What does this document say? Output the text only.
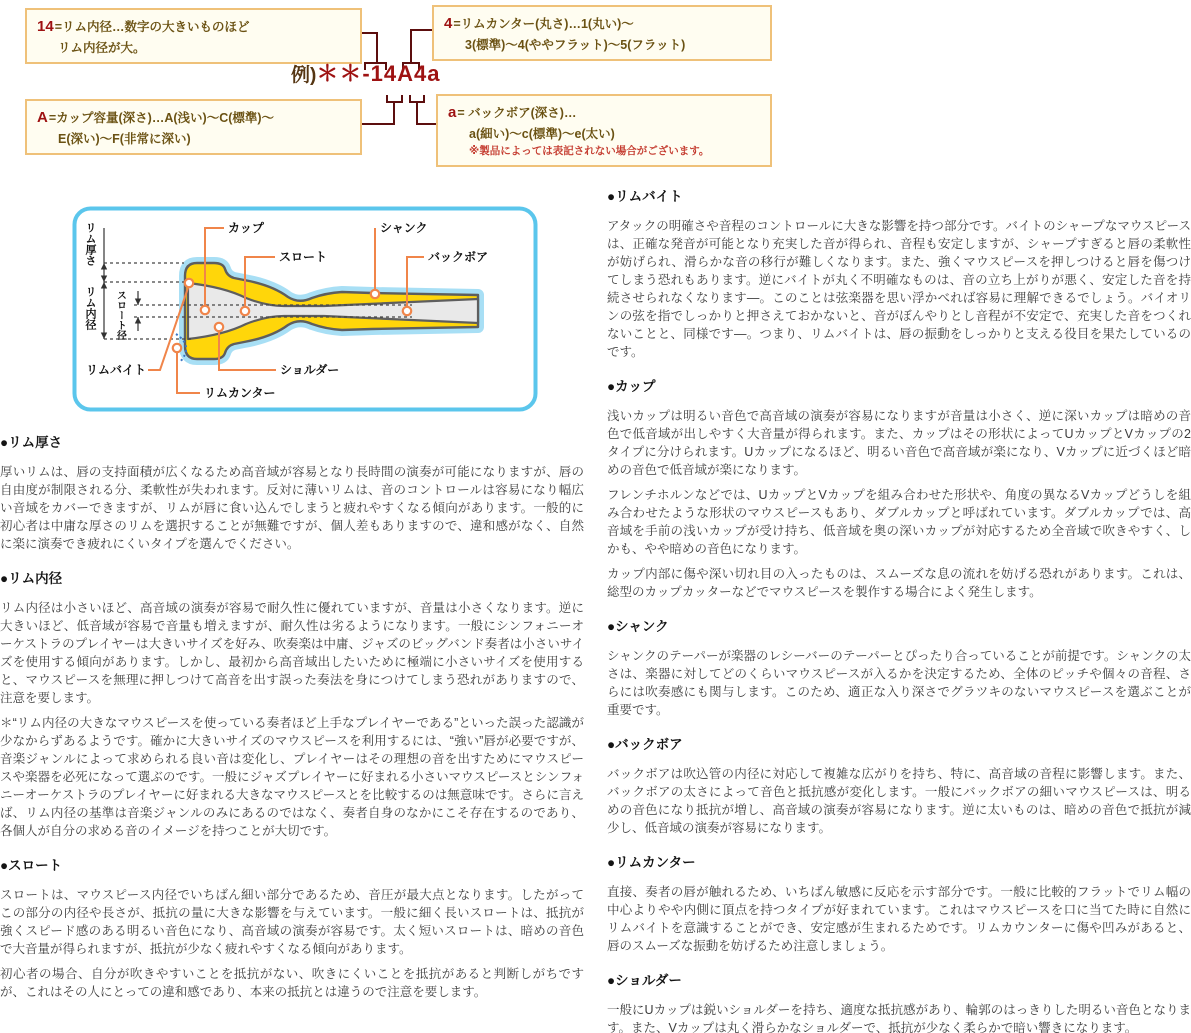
14=リム内径…数字の大きいものほど
リム内径が大。
4=リムカンター(丸さ)…1(丸い)～
3(標準)～4(ややフラット)～5(フラット)
A=カップ容量(深さ)…A(浅い)～C(標準)～
E(深い)～F(非常に深い)
a= バックボア(深さ)…
a(細い)～c(標準)～e(太い)
※製品によっては表記されない場合がございます。
例)＊＊-14A4a
カップ
スロート
シャンク
バックボア
リムバイト	ショルダー
リムカンター
リム厚さ
リム内径 スロート径
●リム厚さ

厚いリムは、唇の支持面積が広くなるため高音域が容易となり長時間の演奏が可能になりますが、唇の自由度が制限される分、柔軟性が失われます。反対に薄いリムは、音のコントロールは容易になり幅広い音域をカバーできますが、リムが唇に食い込んでしまうと疲れやすくなる傾向があります。一般的に初心者は中庸な厚さのリムを選択することが無難ですが、個人差もありますので、違和感がなく、自然に楽に演奏でき疲れにくいタイプを選んでください。

●リム内径

リム内径は小さいほど、高音域の演奏が容易で耐久性に優れていますが、音量は小さくなります。逆に大きいほど、低音域が容易で音量も増えますが、耐久性は劣るようになります。一般にシンフォニーオーケストラのプレイヤーは大きいサイズを好み、吹奏楽は中庸、ジャズのビッグバンド奏者は小さいサイズを使用する傾向があります。しかし、最初から高音域出したいために極端に小さいサイズを使用すると、マウスピースを無理に押しつけて高音を出す誤った奏法を身につけてしまう恐れがありますので、注意を要します。

＊“リム内径の大きなマウスピースを使っている奏者ほど上手なプレイヤーである”といった誤った認識が少なからずあるようです。確かに大きいサイズのマウスピースを利用するには、“強い”唇が必要ですが、音楽ジャンルによって求められる良い音は変化し、プレイヤーはその理想の音を出すためにマウスピースや楽器を必死になって選ぶのです。一般にジャズプレイヤーに好まれる小さいマウスピースとシンフォニーオーケストラのプレイヤーに好まれる大きなマウスピースとを比較するのは無意味です。さらに言えば、リム内径の基準は音楽ジャンルのみにあるのではなく、奏者自身のなかにこそ存在するのであり、各個人が自分の求める音のイメージを持つことが大切です。

●スロート

スロートは、マウスピース内径でいちばん細い部分であるため、音圧が最大点となります。したがってこの部分の内径や長さが、抵抗の量に大きな影響を与えています。一般に細く長いスロートは、抵抗が強くスピード感のある明るい音色になり、高音域の演奏が容易です。太く短いスロートは、暗めの音色で大音量が得られますが、抵抗が少なく疲れやすくなる傾向があります。

初心者の場合、自分が吹きやすいことを抵抗がない、吹きにくいことを抵抗があると判断しがちですが、これはその人にとっての違和感であり、本来の抵抗とは違うので注意を要します。

●リムバイト

アタックの明確さや音程のコントロールに大きな影響を持つ部分です。バイトのシャープなマウスピースは、正確な発音が可能となり充実した音が得られ、音程も安定しますが、シャープすぎると唇の柔軟性が妨げられ、滑らかな音の移行が難しくなります。また、強くマウスピースを押しつけると唇を傷つけてしまう恐れもあります。逆にバイトが丸く不明確なものは、音の立ち上がりが悪く、安定した音を持続させられなくなります―。このことは弦楽器を思い浮かべれば容易に理解できるでしょう。バイオリンの弦を指でしっかりと押さえておかないと、音がぼんやりとし音程が不安定で、充実した音をつくれないことと、同様です―。つまり、リムバイトは、唇の振動をしっかりと支える役目を果たしているのです。

●カップ

浅いカップは明るい音色で高音域の演奏が容易になりますが音量は小さく、逆に深いカップは暗めの音色で低音域が出しやすく大音量が得られます。また、カップはその形状によってUカップとVカップの2タイプに分けられます。Uカップになるほど、明るい音色で高音域が楽になり、Vカップに近づくほど暗めの音色で低音域が楽になります。

フレンチホルンなどでは、UカップとVカップを組み合わせた形状や、角度の異なるVカップどうしを組み合わせたような形状のマウスピースもあり、ダブルカップと呼ばれています。ダブルカップでは、高音域を手前の浅いカップが受け持ち、低音域を奥の深いカップが対応するため全音域で吹きやすく、しかも、やや暗めの音色になります。

カップ内部に傷や深い切れ目の入ったものは、スムーズな息の流れを妨げる恐れがあります。これは、総型のカップカッターなどでマウスピースを製作する場合によく発生します。

●シャンク

シャンクのテーパーが楽器のレシーバーのテーパーとぴったり合っていることが前提です。シャンクの太さは、楽器に対してどのくらいマウスピースが入るかを決定するため、全体のピッチや個々の音程、さらには吹奏感にも関与します。このため、適正な入り深さでグラツキのないマウスピースを選ぶことが重要です。

●バックボア

バックボアは吹込管の内径に対応して複雑な広がりを持ち、特に、高音域の音程に影響します。また、バックボアの太さによって音色と抵抗感が変化します。一般にバックボアの細いマウスピースは、明るめの音色になり抵抗が増し、高音域の演奏が容易になります。逆に太いものは、暗めの音色で抵抗が減少し、低音域の演奏が容易になります。

●リムカンター

直接、奏者の唇が触れるため、いちばん敏感に反応を示す部分です。一般に比較的フラットでリム幅の中心よりやや内側に頂点を持つタイプが好まれています。これはマウスピースを口に当てた時に自然にリムバイトを意識することができ、安定感が生まれるためです。リムカウンターに傷や凹みがあると、唇のスムーズな振動を妨げるため注意しましょう。

●ショルダー

一般にUカップは鋭いショルダーを持ち、適度な抵抗感があり、輪郭のはっきりした明るい音色となります。また、Vカップは丸く滑らかなショルダーで、抵抗が少なく柔らかで暗い響きになります。
